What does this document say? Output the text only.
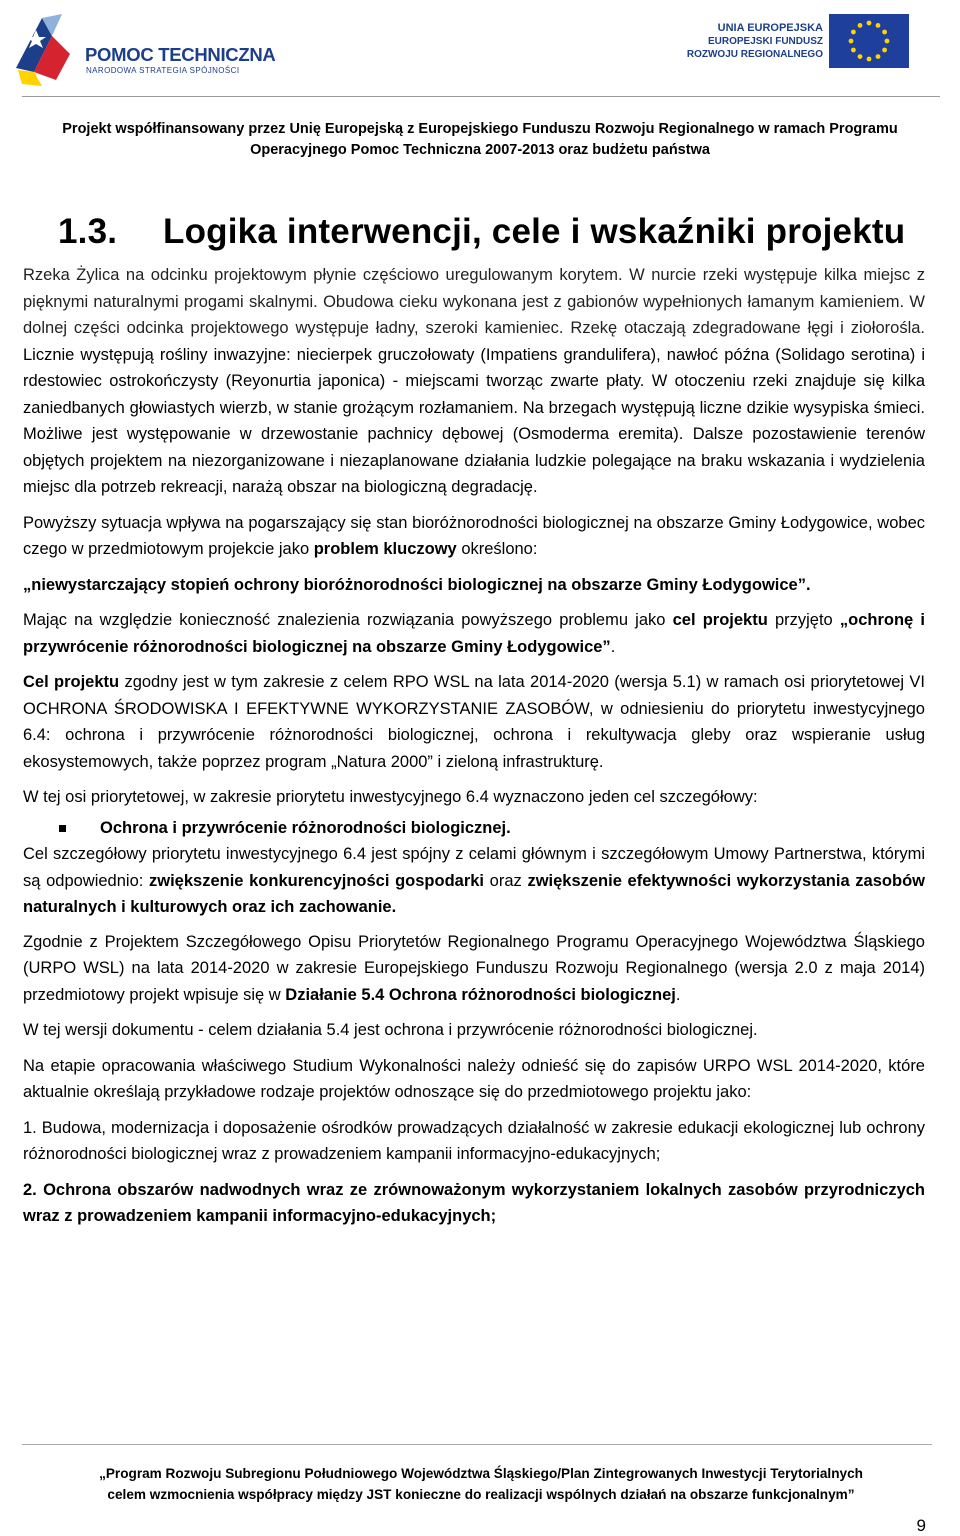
POMOC TECHNICZNA
NARODOWA STRATEGIA SPÓJNOŚCI
UNIA EUROPEJSKA
EUROPEJSKI FUNDUSZ
ROZWOJU REGIONALNEGO
Projekt współfinansowany przez Unię Europejską z Europejskiego Funduszu Rozwoju Regionalnego w ramach Programu
Operacyjnego Pomoc Techniczna 2007-2013 oraz budżetu państwa
1.3. Logika interwencji, cele i wskaźniki projektu

Rzeka Żylica na odcinku projektowym płynie częściowo uregulowanym korytem. W nurcie rzeki występuje kilka miejsc z pięknymi naturalnymi progami skalnymi. Obudowa cieku wykonana jest z gabionów wypełnionych łamanym kamieniem. W dolnej części odcinka projektowego występuje ładny, szeroki kamieniec. Rzekę otaczają zdegradowane łęgi i ziołorośla. Licznie występują rośliny inwazyjne: niecierpek gruczołowaty (Impatiens grandulifera), nawłoć późna (Solidago serotina) i rdestowiec ostrokończysty (Reyonurtia japonica) - miejscami tworząc zwarte płaty. W otoczeniu rzeki znajduje się kilka zaniedbanych głowiastych wierzb, w stanie grożącym rozłamaniem. Na brzegach występują liczne dzikie wysypiska śmieci. Możliwe jest występowanie w drzewostanie pachnicy dębowej (Osmoderma eremita). Dalsze pozostawienie terenów objętych projektem na niezorganizowane i niezaplanowane działania ludzkie polegające na braku wskazania i wydzielenia miejsc dla potrzeb rekreacji, narażą obszar na biologiczną degradację.

Powyższy sytuacja wpływa na pogarszający się stan bioróżnorodności biologicznej na obszarze Gminy Łodygowice, wobec czego w przedmiotowym projekcie jako problem kluczowy określono:

„niewystarczający stopień ochrony bioróżnorodności biologicznej na obszarze Gminy Łodygowice”.

Mając na względzie konieczność znalezienia rozwiązania powyższego problemu jako cel projektu przyjęto „ochronę i przywrócenie różnorodności biologicznej na obszarze Gminy Łodygowice”.

Cel projektu zgodny jest w tym zakresie z celem RPO WSL na lata 2014-2020 (wersja 5.1) w ramach osi priorytetowej VI OCHRONA ŚRODOWISKA I EFEKTYWNE WYKORZYSTANIE ZASOBÓW, w odniesieniu do priorytetu inwestycyjnego 6.4: ochrona i przywrócenie różnorodności biologicznej, ochrona i rekultywacja gleby oraz wspieranie usług ekosystemowych, także poprzez program „Natura 2000” i zieloną infrastrukturę.

W tej osi priorytetowej, w zakresie priorytetu inwestycyjnego 6.4 wyznaczono jeden cel szczegółowy:

Ochrona i przywrócenie różnorodności biologicznej.

Cel szczegółowy priorytetu inwestycyjnego 6.4 jest spójny z celami głównym i szczegółowym Umowy Partnerstwa, którymi są odpowiednio: zwiększenie konkurencyjności gospodarki oraz zwiększenie efektywności wykorzystania zasobów naturalnych i kulturowych oraz ich zachowanie.

Zgodnie z Projektem Szczegółowego Opisu Priorytetów Regionalnego Programu Operacyjnego Województwa Śląskiego (URPO WSL) na lata 2014-2020 w zakresie Europejskiego Funduszu Rozwoju Regionalnego (wersja 2.0 z maja 2014) przedmiotowy projekt wpisuje się w Działanie 5.4 Ochrona różnorodności biologicznej.

W tej wersji dokumentu - celem działania 5.4 jest ochrona i przywrócenie różnorodności biologicznej.

Na etapie opracowania właściwego Studium Wykonalności należy odnieść się do zapisów URPO WSL 2014-2020, które aktualnie określają przykładowe rodzaje projektów odnoszące się do przedmiotowego projektu jako:

1. Budowa, modernizacja i doposażenie ośrodków prowadzących działalność w zakresie edukacji ekologicznej lub ochrony różnorodności biologicznej wraz z prowadzeniem kampanii informacyjno-edukacyjnych;

2. Ochrona obszarów nadwodnych wraz ze zrównoważonym wykorzystaniem lokalnych zasobów przyrodniczych wraz z prowadzeniem kampanii informacyjno-edukacyjnych;

„Program Rozwoju Subregionu Południowego Województwa Śląskiego/Plan Zintegrowanych Inwestycji Terytorialnych
celem wzmocnienia współpracy między JST konieczne do realizacji wspólnych działań na obszarze funkcjonalnym”
9
